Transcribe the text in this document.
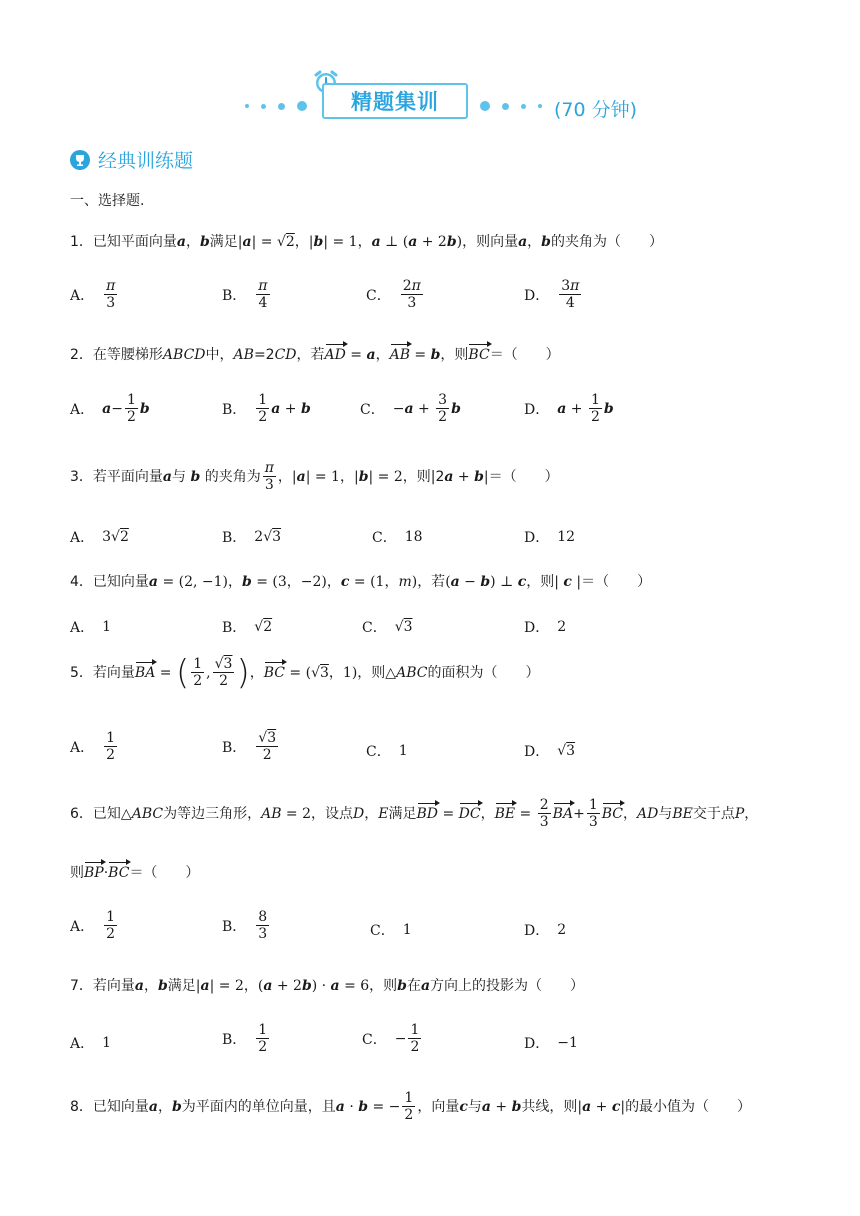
精题集训	(70 分钟)
经典训练题
一、选择题.
1．已知平面向量a，b满足|a| = √2，|b| = 1，a ⊥ (a + 2b)，则向量a，b的夹角为（　　）
A． $\frac{\pi}{3}$	B． $\frac{\pi}{4}$	C． $\frac{2\pi}{3}$	D． $\frac{3\pi}{4}$
2．在等腰梯形ABCD中，AB=2CD，若AD = a，AB = b，则BC＝（　　）
A． $a - \frac{1}{2}$ b	B． $\frac{1}{2}$ a + b	C． − $a + \frac{3}{2}$ b	D． $a + \frac{1}{2}$ b
3． 若平面向量 a 与
b
的夹角为 $\frac{\pi}{3}$ ，|a| = 1，|b| = 2 ，则|2 a + b| ＝（　　）
A． 3√2	B． 2√3	C． 18	D． 12
4．已知向量a = (2, −1)，b = (3，−2)，c = (1，m)，若(a − b) ⊥ c，则| c |＝（　　）
A． 1	B． √2	C． √3	D． 2
5． 若向量 BA = ( $\frac{1}{2}$ , $\frac{√3}{2}$ ) ， BC = (√3，1) ，则△ ABC 的面积为（　　）
A． $\frac{1}{2}$	B． $\frac{√3}{2}$	C． 1	D． √3
6． 已知△ ABC 为等边三角形， AB = 2 ，设点 D ， E 满足 BD = DC ， BE = $\frac{2}{3}$ BA + $\frac{1}{3}$ BC ， AD 与 BE 交于点 P ，
则BP·BC＝（　　）
A． $\frac{1}{2}$	B． $\frac{8}{3}$	C． 1	D． 2
7．若向量a，b满足|a| = 2，(a + 2b) · a = 6，则b在a方向上的投影为（　　）
A． 1	B． $\frac{1}{2}$	C． − $\frac{1}{2}$	D． −1
8． 已知向量 a ， b 为平面内的单位向量，且 a · b = − $\frac{1}{2}$ ，向量 c 与 a + b 共线，则 |a + c| 的最小值为（　　）
